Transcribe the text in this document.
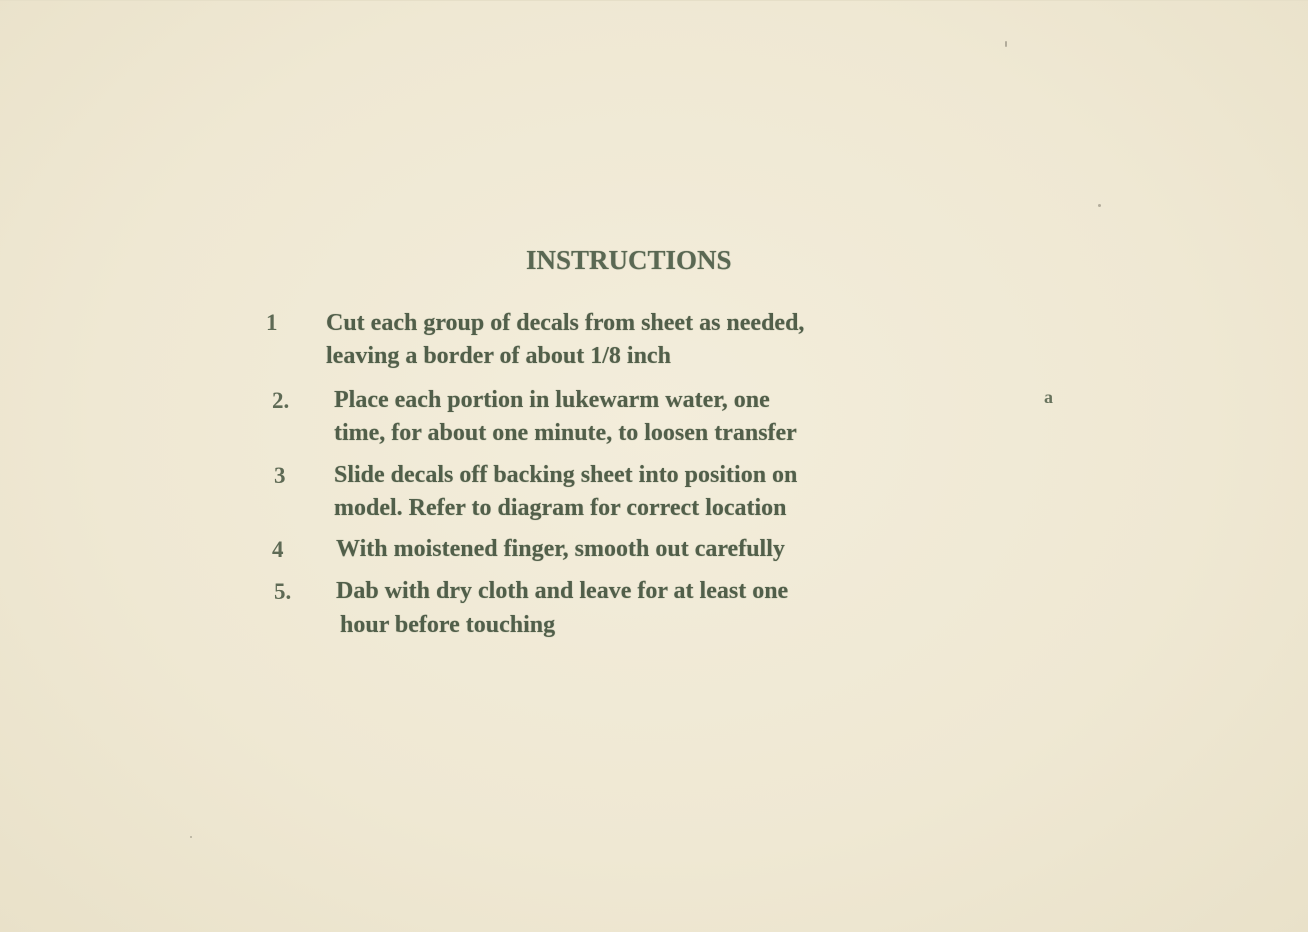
INSTRUCTIONS
1 Cut each group of decals from sheet as needed,
leaving a border of about 1/8 inch
2. Place each portion in lukewarm water, one
time, for about one minute, to loosen transfer
a
3 Slide decals off backing sheet into position on
model. Refer to diagram for correct location
4 With moistened finger, smooth out carefully
5. Dab with dry cloth and leave for at least one
hour before touching
